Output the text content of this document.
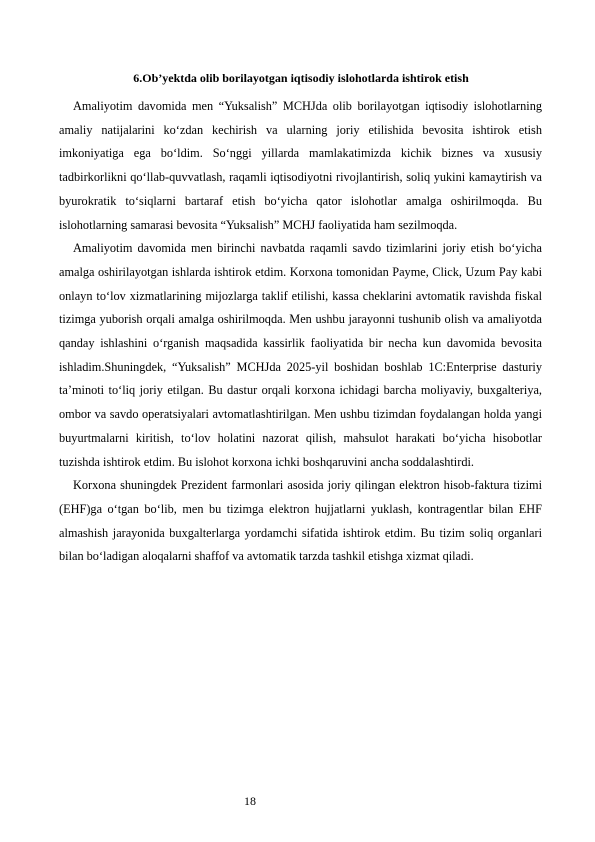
6.Ob’yektda olib borilayotgan iqtisodiy islohotlarda ishtirok etish

Amaliyotim davomida men “Yuksalish” MCHJda olib borilayotgan iqtisodiy islohotlarning amaliy natijalarini ko‘zdan kechirish va ularning joriy etilishida bevosita ishtirok etish imkoniyatiga ega bo‘ldim. So‘nggi yillarda mamlakatimizda kichik biznes va xususiy tadbirkorlikni qo‘llab-quvvatlash, raqamli iqtisodiyotni rivojlantirish, soliq yukini kamaytirish va byurokratik to‘siqlarni bartaraf etish bo‘yicha qator islohotlar amalga oshirilmoqda. Bu islohotlarning samarasi bevosita “Yuksalish” MCHJ faoliyatida ham sezilmoqda.

Amaliyotim davomida men birinchi navbatda raqamli savdo tizimlarini joriy etish bo‘yicha amalga oshirilayotgan ishlarda ishtirok etdim. Korxona tomonidan Payme, Click, Uzum Pay kabi onlayn to‘lov xizmatlarining mijozlarga taklif etilishi, kassa cheklarini avtomatik ravishda fiskal tizimga yuborish orqali amalga oshirilmoqda. Men ushbu jarayonni tushunib olish va amaliyotda qanday ishlashini o‘rganish maqsadida kassirlik faoliyatida bir necha kun davomida bevosita ishladim.Shuningdek, “Yuksalish” MCHJda 2025-yil boshidan boshlab 1C:Enterprise dasturiy ta’minoti to‘liq joriy etilgan. Bu dastur orqali korxona ichidagi barcha moliyaviy, buxgalteriya, ombor va savdo operatsiyalari avtomatlashtirilgan. Men ushbu tizimdan foydalangan holda yangi buyurtmalarni kiritish, to‘lov holatini nazorat qilish, mahsulot harakati bo‘yicha hisobotlar tuzishda ishtirok etdim. Bu islohot korxona ichki boshqaruvini ancha soddalashtirdi.

Korxona shuningdek Prezident farmonlari asosida joriy qilingan elektron hisob-faktura tizimi (EHF)ga o‘tgan bo‘lib, men bu tizimga elektron hujjatlarni yuklash, kontragentlar bilan EHF almashish jarayonida buxgalterlarga yordamchi sifatida ishtirok etdim. Bu tizim soliq organlari bilan bo‘ladigan aloqalarni shaffof va avtomatik tarzda tashkil etishga xizmat qiladi.

18
